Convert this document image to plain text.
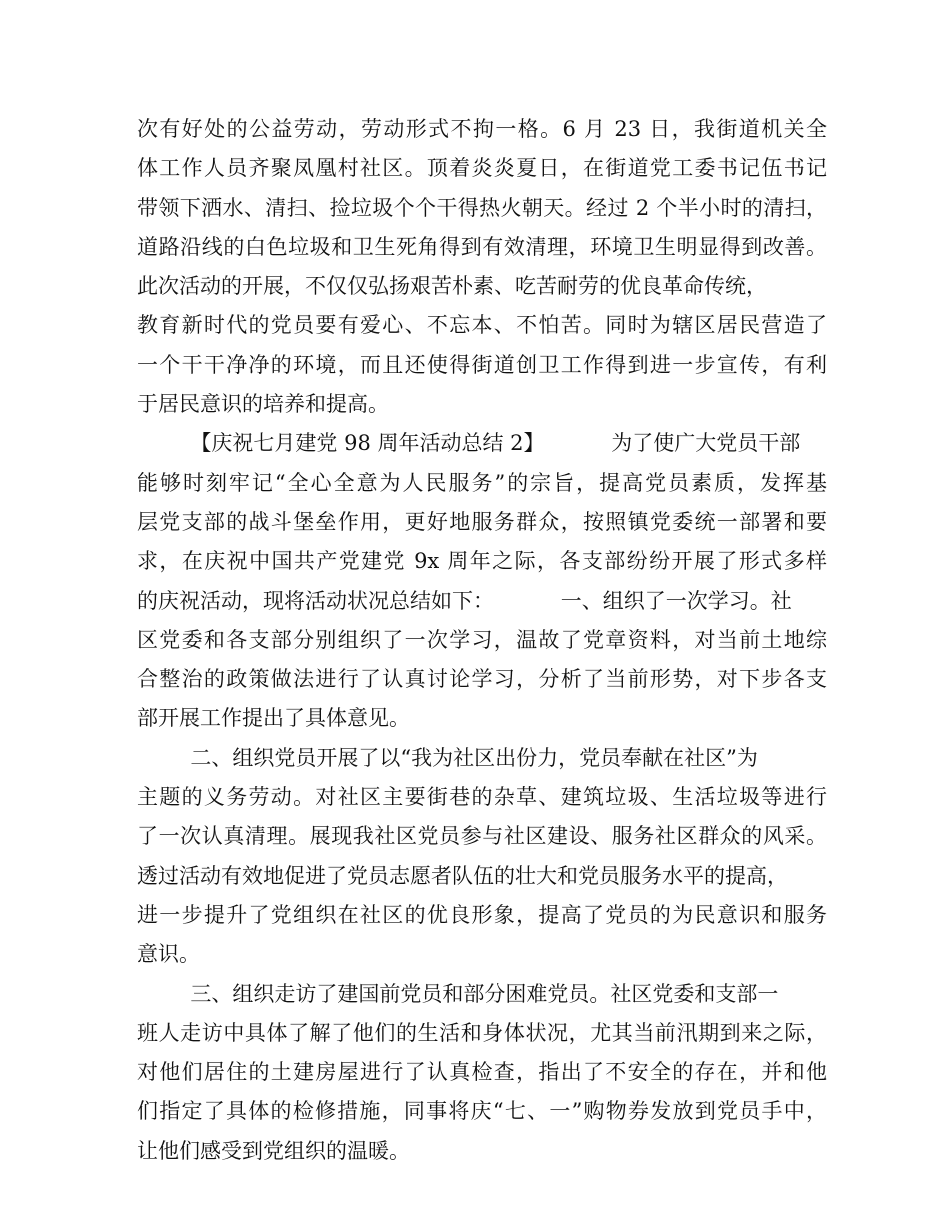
次有好处的公益劳动，劳动形式不拘一格。6 月 23 日，我街道机关全
体工作人员齐聚凤凰村社区。顶着炎炎夏日，在街道党工委书记伍书记
带领下洒水、清扫、捡垃圾个个干得热火朝天。经过 2 个半小时的清扫，
道路沿线的白色垃圾和卫生死角得到有效清理，环境卫生明显得到改善。
此次活动的开展，不仅仅弘扬艰苦朴素、吃苦耐劳的优良革命传统，
教育新时代的党员要有爱心、不忘本、不怕苦。同时为辖区居民营造了
一个干干净净的环境，而且还使得街道创卫工作得到进一步宣传，有利
于居民意识的培养和提高。
【庆祝七月建党 98 周年活动总结 2】          为了使广大党员干部
能够时刻牢记“全心全意为人民服务”的宗旨，提高党员素质，发挥基
层党支部的战斗堡垒作用，更好地服务群众，按照镇党委统一部署和要
求，在庆祝中国共产党建党 9x 周年之际，各支部纷纷开展了形式多样
的庆祝活动，现将活动状况总结如下：          一、组织了一次学习。社
区党委和各支部分别组织了一次学习，温故了党章资料，对当前土地综
合整治的政策做法进行了认真讨论学习，分析了当前形势，对下步各支
部开展工作提出了具体意见。
二、组织党员开展了以“我为社区出份力，党员奉献在社区”为
主题的义务劳动。对社区主要街巷的杂草、建筑垃圾、生活垃圾等进行
了一次认真清理。展现我社区党员参与社区建设、服务社区群众的风采。
透过活动有效地促进了党员志愿者队伍的壮大和党员服务水平的提高，
进一步提升了党组织在社区的优良形象，提高了党员的为民意识和服务
意识。
三、组织走访了建国前党员和部分困难党员。社区党委和支部一
班人走访中具体了解了他们的生活和身体状况，尤其当前汛期到来之际，
对他们居住的土建房屋进行了认真检查，指出了不安全的存在，并和他
们指定了具体的检修措施，同事将庆“七、一”购物券发放到党员手中，
让他们感受到党组织的温暖。
